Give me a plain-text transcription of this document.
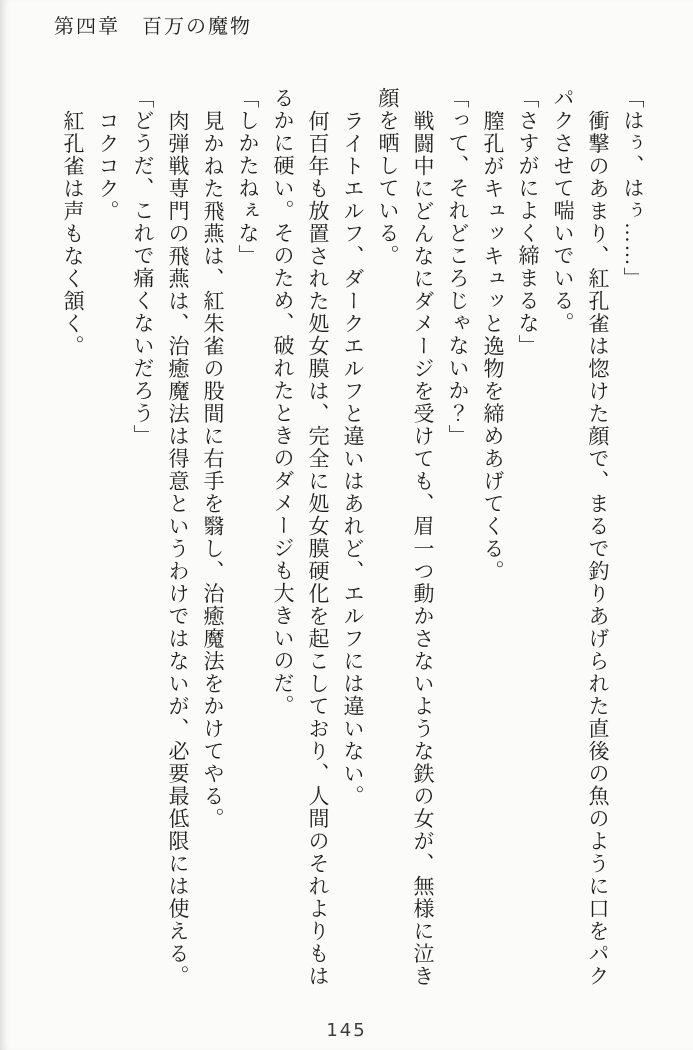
第四章　百万の魔物

「はぅ、はぅ……」

衝撃のあまり、紅孔雀は惚けた顔で、まるで釣りあげられた直後の魚のように口をパクパクさせて喘いでいる。

「さすがによく締まるな」

膣孔がキュッキュッと逸物を締めあげてくる。

「って、それどころじゃないか？」

戦闘中にどんなにダメージを受けても、眉一つ動かさないような鉄の女が、無様に泣き顔を晒している。

ライトエルフ、ダークエルフと違いはあれど、エルフには違いない。

何百年も放置された処女膜は、完全に処女膜硬化を起こしており、人間のそれよりもはるかに硬い。そのため、破れたときのダメージも大きいのだ。

「しかたねぇな」

見かねた飛燕は、紅朱雀の股間に右手を翳し、治癒魔法をかけてやる。

肉弾戦専門の飛燕は、治癒魔法は得意というわけではないが、必要最低限には使える。

「どうだ、これで痛くないだろう」

コクコク。

紅孔雀は声もなく頷く。

145
